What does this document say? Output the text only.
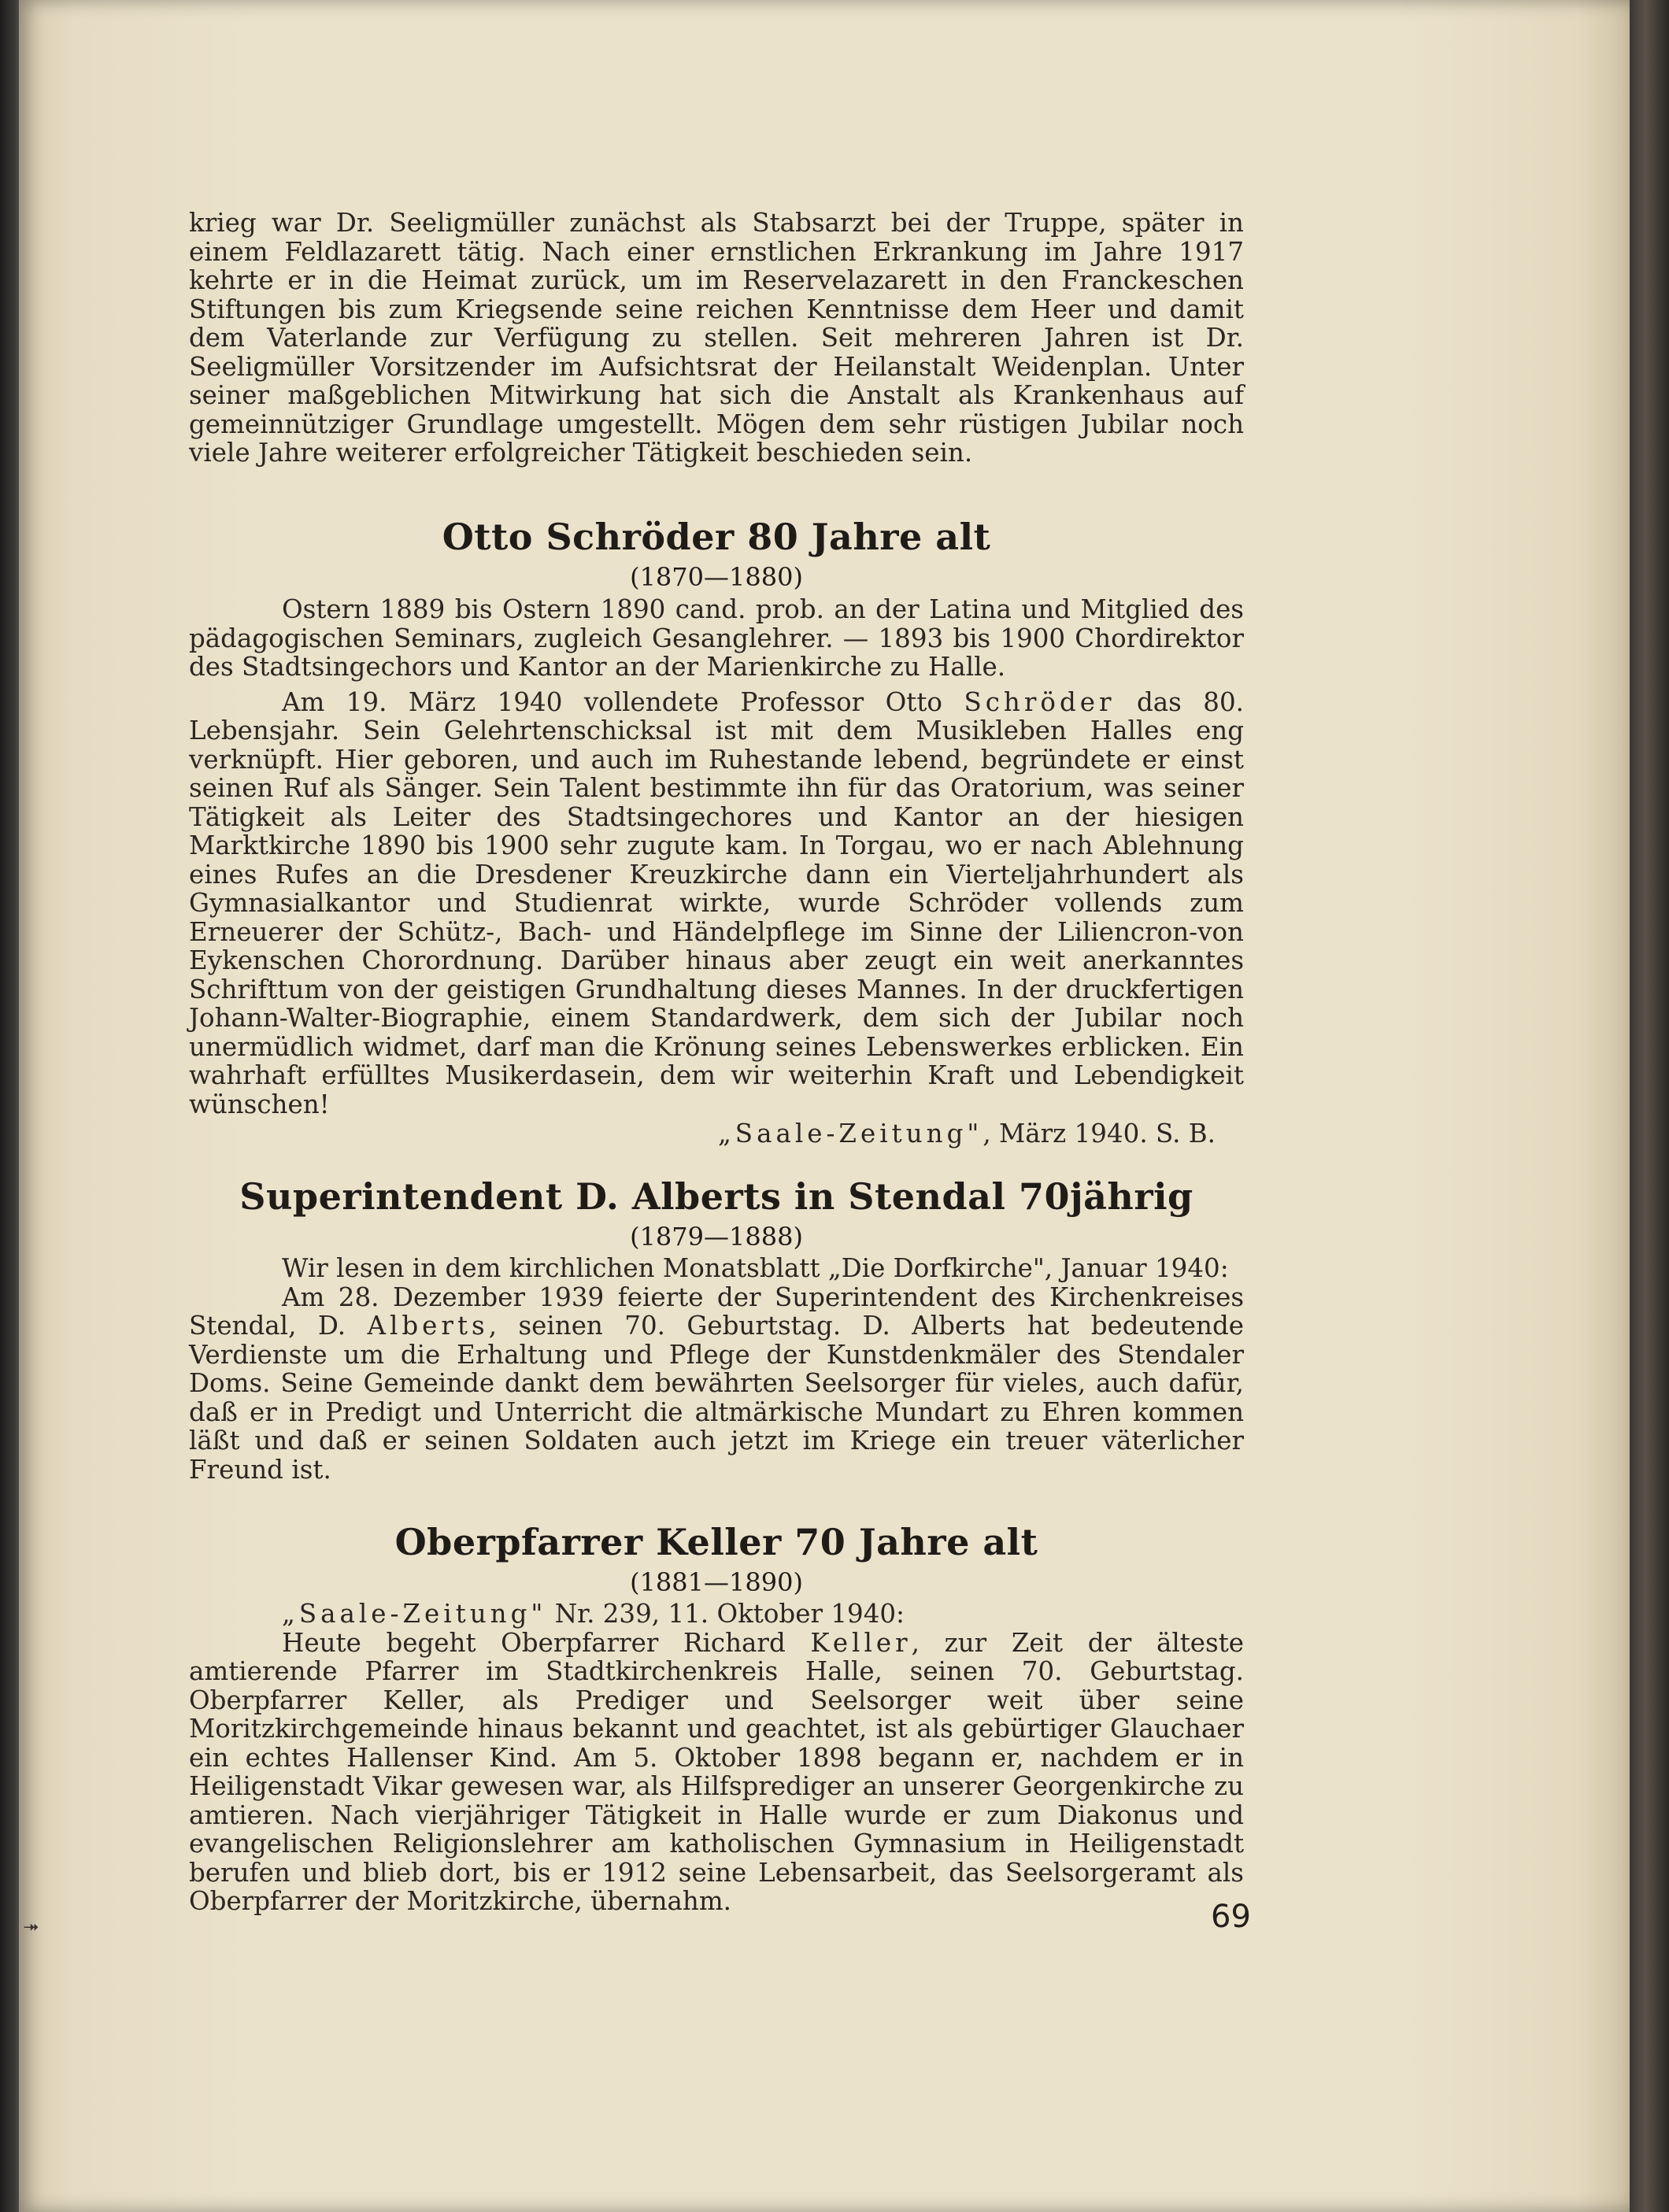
krieg war Dr. Seeligmüller zunächst als Stabsarzt bei der Truppe, später in einem Feldlazarett tätig. Nach einer ernstlichen Erkrankung im Jahre 1917 kehrte er in die Heimat zurück, um im Reservelazarett in den Franckeschen Stiftungen bis zum Kriegsende seine reichen Kenntnisse dem Heer und damit dem Vaterlande zur Verfügung zu stellen. Seit mehreren Jahren ist Dr. Seeligmüller Vorsitzender im Aufsichtsrat der Heilanstalt Weidenplan. Unter seiner maßgeblichen Mitwirkung hat sich die Anstalt als Krankenhaus auf gemeinnütziger Grundlage umgestellt. Mögen dem sehr rüstigen Jubilar noch viele Jahre weiterer erfolgreicher Tätigkeit beschieden sein.

Otto Schröder 80 Jahre alt
(1870—1880)

Ostern 1889 bis Ostern 1890 cand. prob. an der Latina und Mitglied des pädagogischen Seminars, zugleich Gesanglehrer. — 1893 bis 1900 Chordirektor des Stadtsingechors und Kantor an der Marienkirche zu Halle.

Am 19. März 1940 vollendete Professor Otto Schröder das 80. Lebensjahr. Sein Gelehrtenschicksal ist mit dem Musikleben Halles eng verknüpft. Hier geboren, und auch im Ruhestande lebend, begründete er einst seinen Ruf als Sänger. Sein Talent bestimmte ihn für das Oratorium, was seiner Tätigkeit als Leiter des Stadtsingechores und Kantor an der hiesigen Marktkirche 1890 bis 1900 sehr zugute kam. In Torgau, wo er nach Ablehnung eines Rufes an die Dresdener Kreuzkirche dann ein Vierteljahrhundert als Gymnasialkantor und Studienrat wirkte, wurde Schröder vollends zum Erneuerer der Schütz-, Bach- und Händelpflege im Sinne der Liliencron-von Eykenschen Chorordnung. Darüber hinaus aber zeugt ein weit anerkanntes Schrifttum von der geistigen Grundhaltung dieses Mannes. In der druckfertigen Johann-Walter-Biographie, einem Standardwerk, dem sich der Jubilar noch unermüdlich widmet, darf man die Krönung seines Lebenswerkes erblicken. Ein wahrhaft erfülltes Musikerdasein, dem wir weiterhin Kraft und Lebendigkeit wünschen!

„Saale-Zeitung", März 1940. S. B.

Superintendent D. Alberts in Stendal 70jährig
(1879—1888)

Wir lesen in dem kirchlichen Monatsblatt „Die Dorfkirche", Januar 1940:

Am 28. Dezember 1939 feierte der Superintendent des Kirchenkreises Stendal, D. Alberts, seinen 70. Geburtstag. D. Alberts hat bedeutende Verdienste um die Erhaltung und Pflege der Kunstdenkmäler des Stendaler Doms. Seine Gemeinde dankt dem bewährten Seelsorger für vieles, auch dafür, daß er in Predigt und Unterricht die altmärkische Mundart zu Ehren kommen läßt und daß er seinen Soldaten auch jetzt im Kriege ein treuer väterlicher Freund ist.

Oberpfarrer Keller 70 Jahre alt
(1881—1890)

„Saale-Zeitung" Nr. 239, 11. Oktober 1940:

Heute begeht Oberpfarrer Richard Keller, zur Zeit der älteste amtierende Pfarrer im Stadtkirchenkreis Halle, seinen 70. Geburtstag. Oberpfarrer Keller, als Prediger und Seelsorger weit über seine Moritzkirchgemeinde hinaus bekannt und geachtet, ist als gebürtiger Glauchaer ein echtes Hallenser Kind. Am 5. Oktober 1898 begann er, nachdem er in Heiligenstadt Vikar gewesen war, als Hilfsprediger an unserer Georgenkirche zu amtieren. Nach vierjähriger Tätigkeit in Halle wurde er zum Diakonus und evangelischen Religionslehrer am katholischen Gymnasium in Heiligenstadt berufen und blieb dort, bis er 1912 seine Lebensarbeit, das Seelsorgeramt als Oberpfarrer der Moritzkirche, übernahm.

⯮	69
